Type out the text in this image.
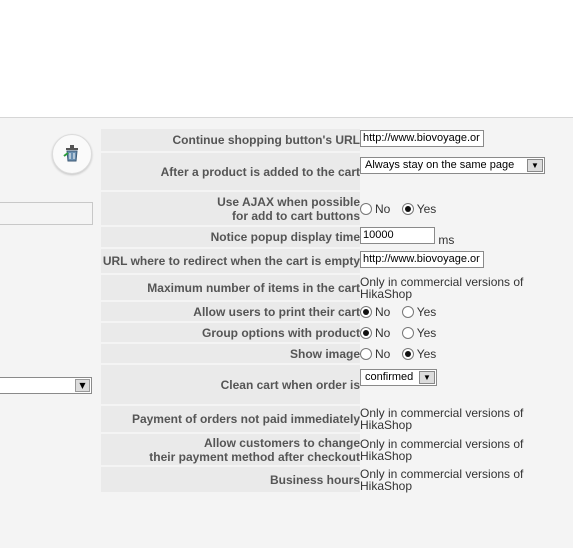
▼
Continue shopping button's URL	http://www.biovoyage.or
After a product is added to the cart	Always stay on the same page ▼

Use AJAX when possible
for add to cart buttons	No Yes
Notice popup display time	10000 ms
URL where to redirect when the cart is empty	http://www.biovoyage.or
Maximum number of items in the cart	Only in commercial versions of
HikaShop
Allow users to print their cart	No Yes
Group options with product	No Yes
Show image	No Yes
Clean cart when order is	confirmed ▼

Payment of orders not paid immediately	Only in commercial versions of
HikaShop
Allow customers to change
their payment method after checkout	Only in commercial versions of
HikaShop
Business hours	Only in commercial versions of
HikaShop
